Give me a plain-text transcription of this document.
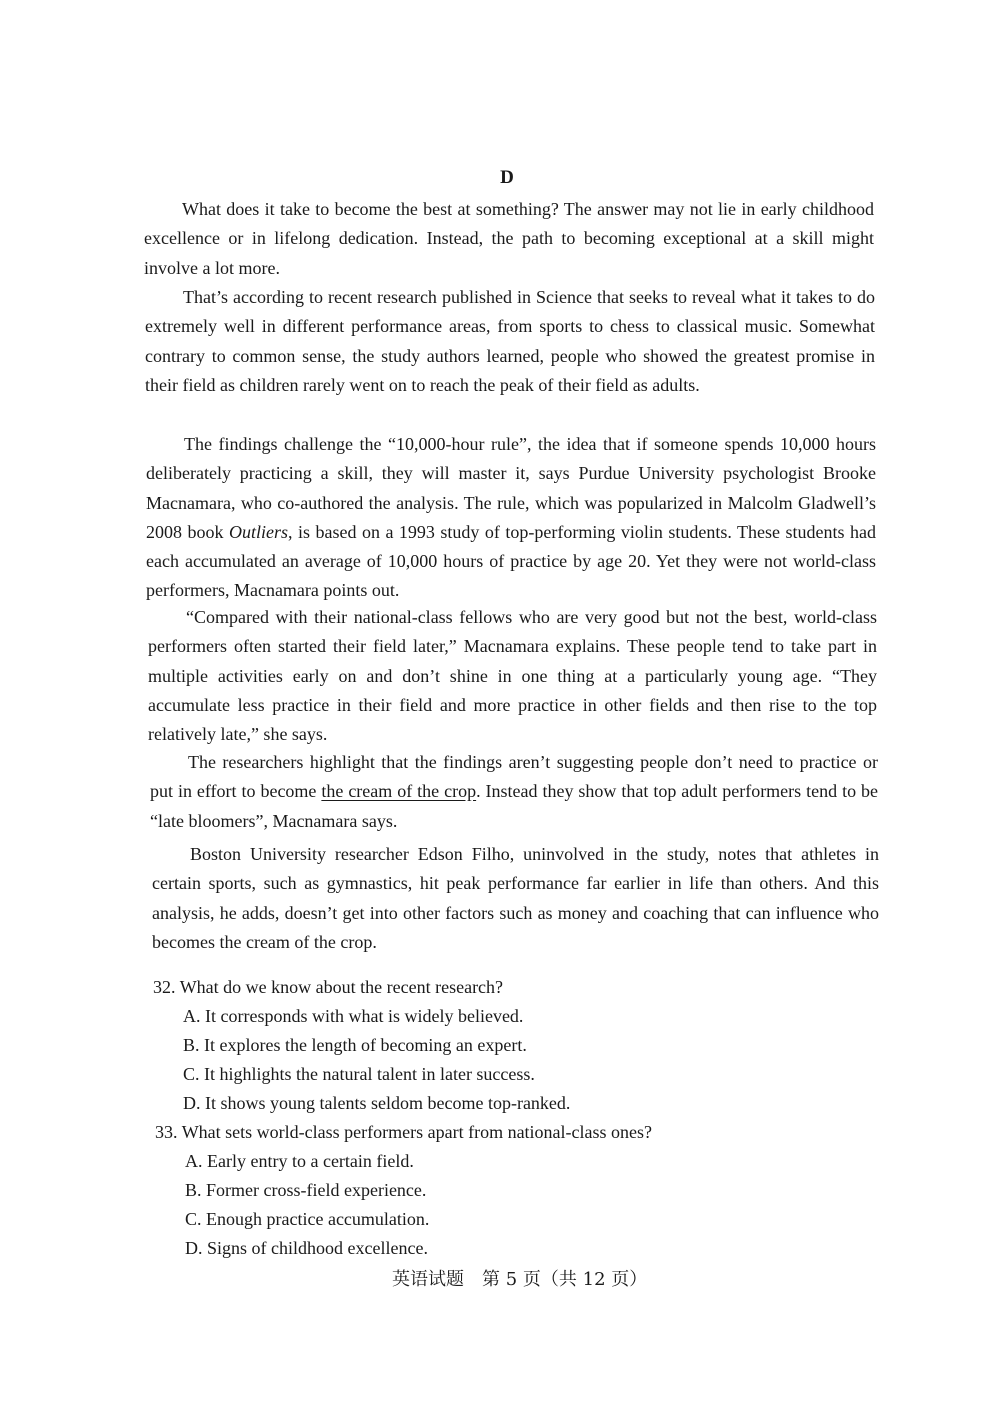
D

What does it take to become the best at something? The answer may not lie in early childhood excellence or in lifelong dedication. Instead, the path to becoming exceptional at a skill might involve a lot more.

That’s according to recent research published in Science that seeks to reveal what it takes to do extremely well in different performance areas, from sports to chess to classical music. Somewhat contrary to common sense, the study authors learned, people who showed the greatest promise in their field as children rarely went on to reach the peak of their field as adults.

The findings challenge the “10,000-hour rule”, the idea that if someone spends 10,000 hours deliberately practicing a skill, they will master it, says Purdue University psychologist Brooke Macnamara, who co-authored the analysis. The rule, which was popularized in Malcolm Gladwell’s 2008 book Outliers, is based on a 1993 study of top-performing violin students. These students had each accumulated an average of 10,000 hours of practice by age 20. Yet they were not world-class performers, Macnamara points out.

“Compared with their national-class fellows who are very good but not the best, world-class performers often started their field later,” Macnamara explains. These people tend to take part in multiple activities early on and don’t shine in one thing at a particularly young age. “They accumulate less practice in their field and more practice in other fields and then rise to the top relatively late,” she says.

The researchers highlight that the findings aren’t suggesting people don’t need to practice or put in effort to become the cream of the crop. Instead they show that top adult performers tend to be “late bloomers”, Macnamara says.

Boston University researcher Edson Filho, uninvolved in the study, notes that athletes in certain sports, such as gymnastics, hit peak performance far earlier in life than others. And this analysis, he adds, doesn’t get into other factors such as money and coaching that can influence who becomes the cream of the crop.

32. What do we know about the recent research?
A. It corresponds with what is widely believed.
B. It explores the length of becoming an expert.
C. It highlights the natural talent in later success.
D. It shows young talents seldom become top-ranked.
33. What sets world-class performers apart from national-class ones?
A. Early entry to a certain field.
B. Former cross-field experience.
C. Enough practice accumulation.
D. Signs of childhood excellence.
英语试题 第 5 页（共 12 页）
